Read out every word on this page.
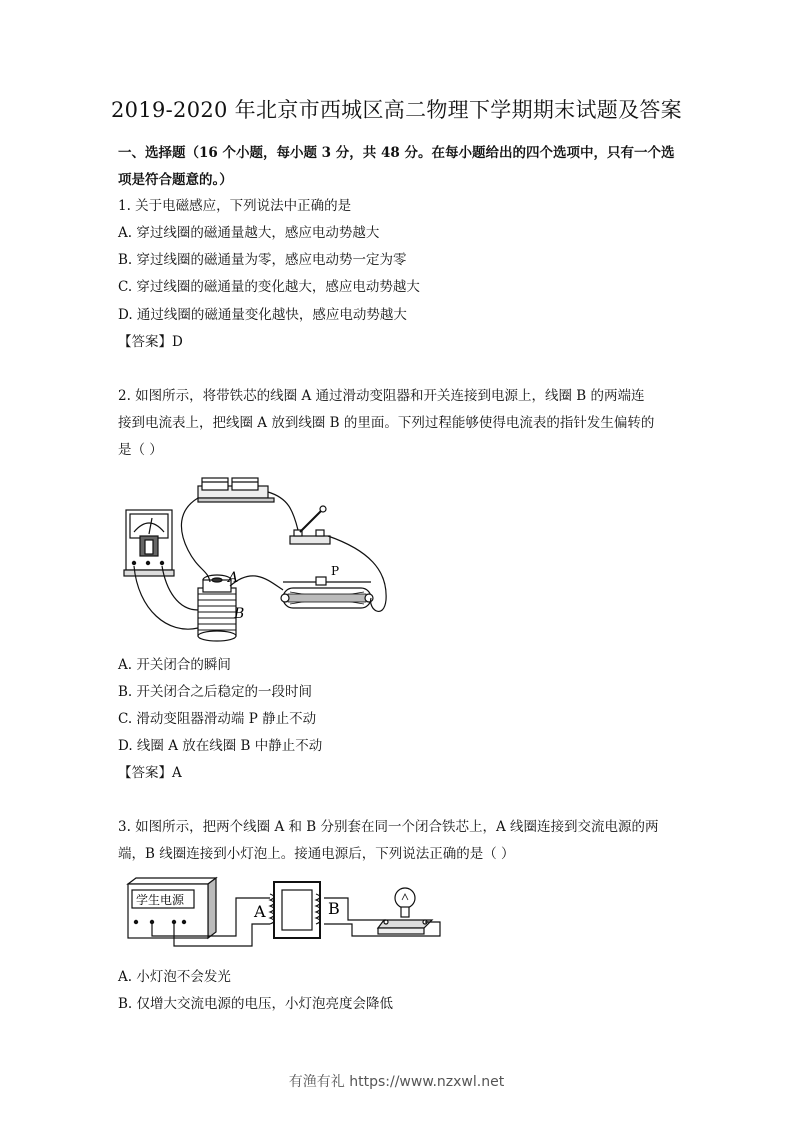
2019-2020 年北京市西城区高二物理下学期期末试题及答案
一、选择题（16 个小题，每小题 3 分，共 48 分。在每小题给出的四个选项中，只有一个选
项是符合题意的。）
1. 关于电磁感应，下列说法中正确的是
A. 穿过线圈的磁通量越大，感应电动势越大
B. 穿过线圈的磁通量为零，感应电动势一定为零
C. 穿过线圈的磁通量的变化越大，感应电动势越大
D. 通过线圈的磁通量变化越快，感应电动势越大
【答案】D
2. 如图所示，将带铁芯的线圈 A 通过滑动变阻器和开关连接到电源上，线圈 B 的两端连
接到电流表上，把线圈 A 放到线圈 B 的里面。下列过程能够使得电流表的指针发生偏转的
是（ ）
A
B
P
A. 开关闭合的瞬间
B. 开关闭合之后稳定的一段时间
C. 滑动变阻器滑动端 P 静止不动
D. 线圈 A 放在线圈 B 中静止不动
【答案】A
3. 如图所示，把两个线圈 A 和 B 分别套在同一个闭合铁芯上，A 线圈连接到交流电源的两
端，B 线圈连接到小灯泡上。接通电源后，下列说法正确的是（ ）
学生电源
A	B
A. 小灯泡不会发光
B. 仅增大交流电源的电压，小灯泡亮度会降低
有渔有礼 https://www.nzxwl.net
